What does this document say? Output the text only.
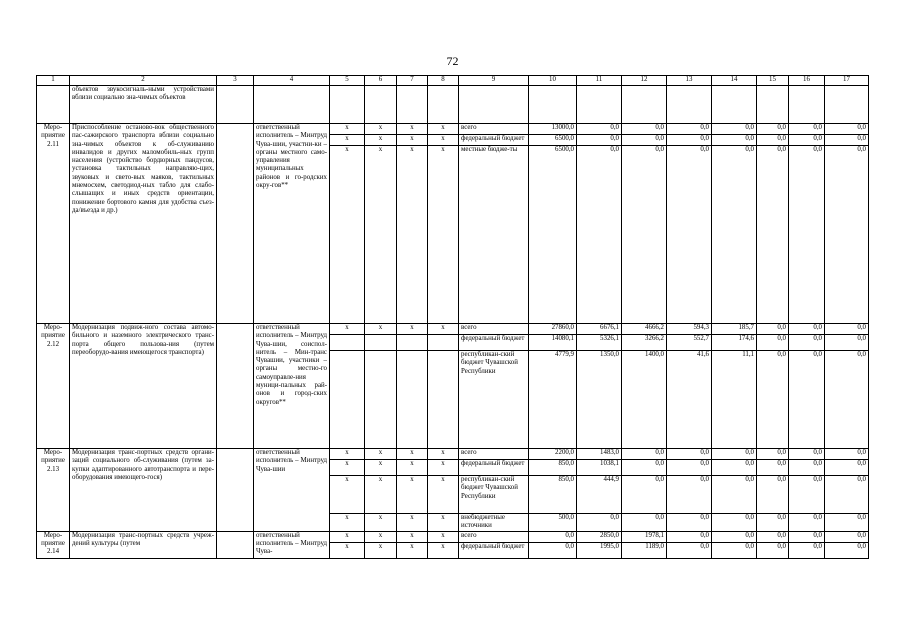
72
1	2	3	4	5	6	7	8	9	10	11	12	13	14	15	16	17
	объектов звукосигналь-ными устройствами вблизи социально зна-чимых объектов															
Меро-приятие 2.11	Приспособление останово-вок общественного пас-сажирского транспорта вблизи социально зна-чимых объектов к об-служиванию инвалидов и других маломобиль-ных групп населения (устройство бордюрных пандусов, установка тактильных направляю-щих, звуковых и свето-вых маяков, тактильных мнемосхем, светодиод-ных табло для слабо-слышащих и иных средств ориентации, понижение бортового камня для удобства съез-да/въезда и др.)		ответственный исполнитель – Минтруд Чува-шии, участни-ки – органы местного само-управления муниципальных районов и го-родских окру-гов**	х	х	х	х	всего	13000,0	0,0	0,0	0,0	0,0	0,0	0,0	0,0
				х	х	х	х	федеральный бюджет	6500,0	0,0	0,0	0,0	0,0	0,0	0,0	0,0
				х	х	х	х	местные бюдже-ты	6500,0	0,0	0,0	0,0	0,0	0,0	0,0	0,0
Меро-приятие 2.12	Модернизация подвиж-ного состава автомо-бильного и наземного электрического транс-порта общего пользова-ния (путем переоборудо-вания имеющегося транспорта)		ответственный исполнитель – Минтруд Чува-шии, соиспол-нитель – Мин-транс Чувашии, участники – органы местно-го самоуправле-ния муници-пальных рай-онов и город-ских округов**	х	х	х	х	всего	27860,0	6676,1	4666,2	594,3	185,7	0,0	0,0	0,0
								федеральный бюджет	14080,1	5326,1	3266,2	552,7	174,6	0,0	0,0	0,0
								республикан-ский бюджет Чувашской Республики	4779,9	1350,0	1400,0	41,6	11,1	0,0	0,0	0,0
Меро-приятие 2.13	Модернизация транс-портных средств органи-заций социального об-служивания (путем за-купки адаптированного автотранспорта и пере-оборудования имеющего-гося)		ответственный исполнитель – Минтруд Чува-шии	х	х	х	х	всего	2200,0	1483,0	0,0	0,0	0,0	0,0	0,0	0,0
				х	х	х	х	федеральный бюджет	850,0	1038,1	0,0	0,0	0,0	0,0	0,0	0,0
				х	х	х	х	республикан-ский бюджет Чувашской Республики	850,0	444,9	0,0	0,0	0,0	0,0	0,0	0,0
				х	х	х	х	внебюджетные источники	500,0	0,0	0,0	0,0	0,0	0,0	0,0	0,0
Меро-приятие 2.14	Модернизация транс-портных средств учреж-дений культуры (путем		ответственный исполнитель – Минтруд Чува-	х	х	х	х	всего	0,0	2850,0	1978,1	0,0	0,0	0,0	0,0	0,0
				х	х	х	х	федеральный бюджет	0,0	1995,0	1189,0	0,0	0,0	0,0	0,0	0,0
